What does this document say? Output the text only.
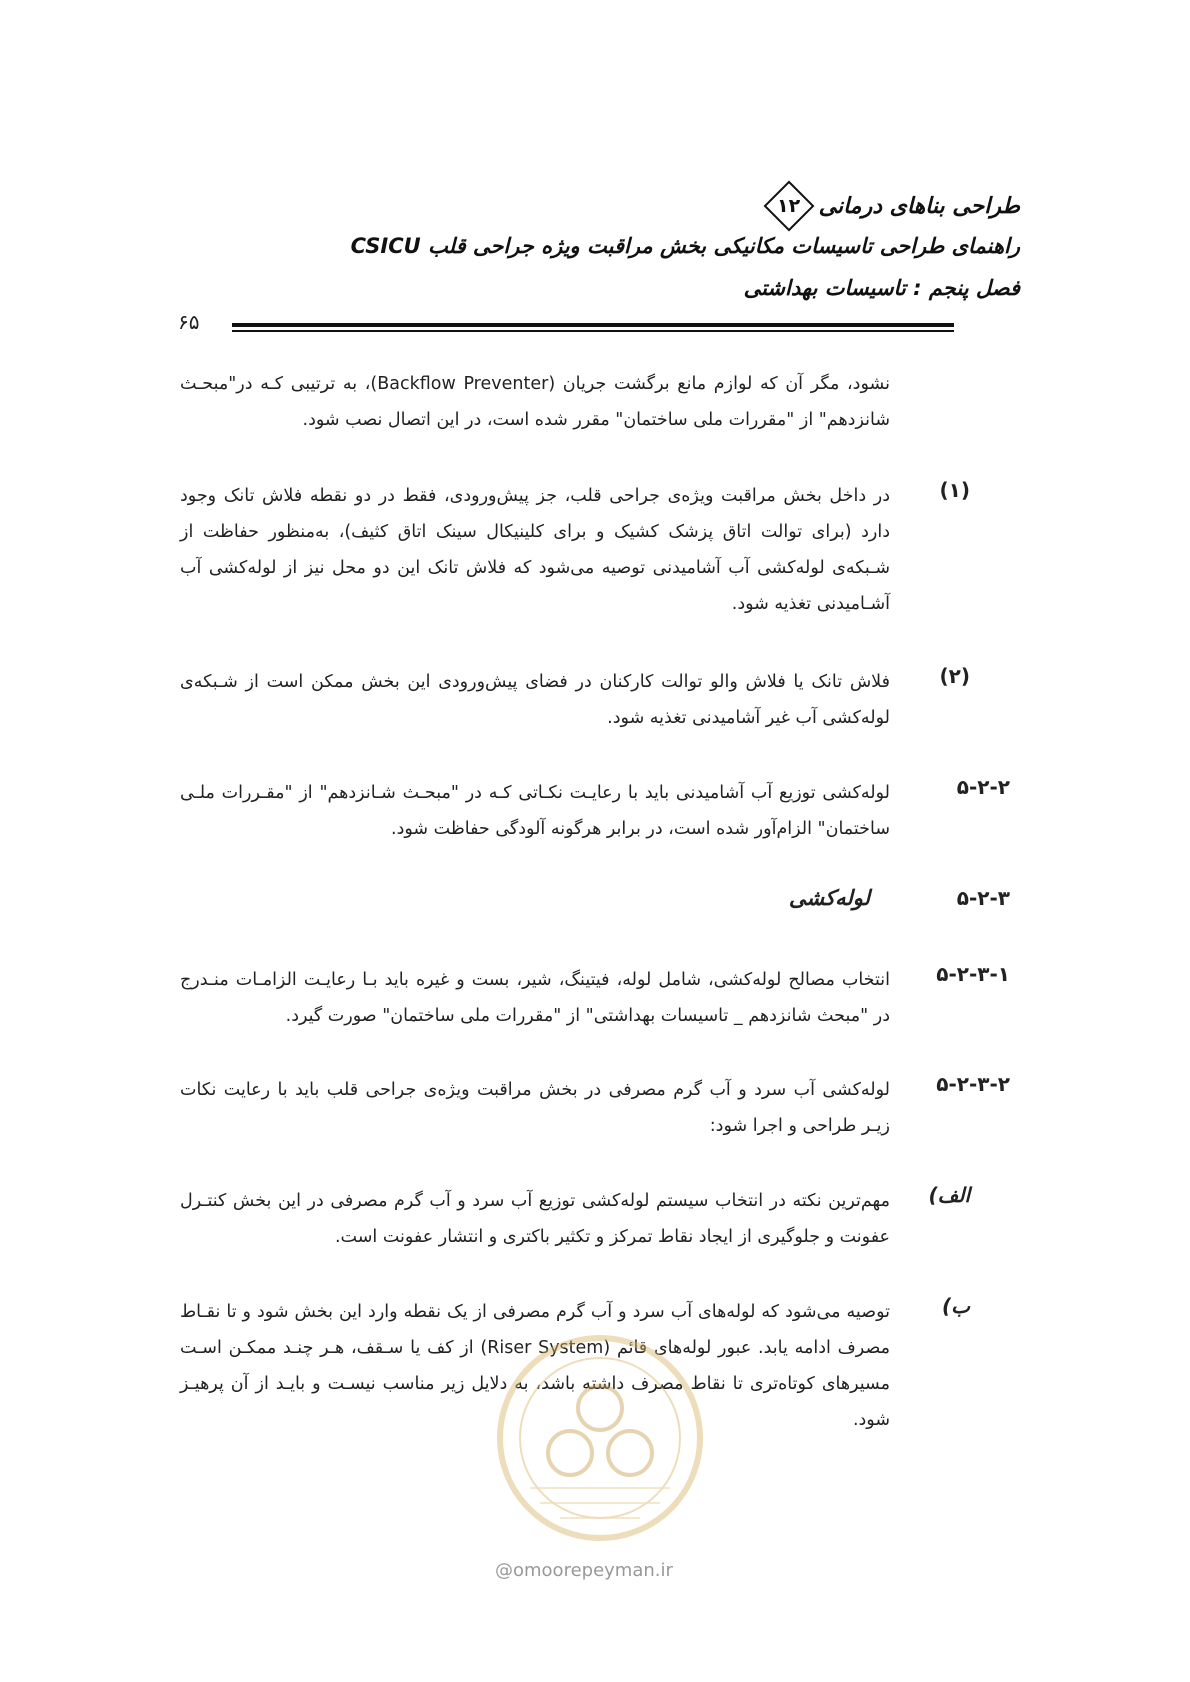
طراحی بناهای درمانی
۱۲
راهنمای طراحی تاسیسات مکانیکی بخش مراقبت ویژه جراحی قلب CSICU
فصل پنجم : تاسیسات بهداشتی
۶۵
نشود، مگر آن که لوازم مانع برگشت جریان (Backflow Preventer)، به ترتیبی کـه در"مبحـث شانزدهم" از "مقررات ملی ساختمان" مقرر شده است، در این اتصال نصب شود.
(۱)
در داخل بخش مراقبت ویژه‌ی جراحی قلب، جز پیش‌ورودی، فقط در دو نقطه فلاش تانک وجود دارد (برای توالت اتاق پزشک کشیک و برای کلینیکال سینک اتاق کثیف)، به‌منظور حفاظت از شـبکه‌ی لوله‌کشی آب آشامیدنی توصیه می‌شود که فلاش تانک این دو محل نیز از لوله‌کشی آب آشـامیدنی تغذیه شود.
(۲)
فلاش تانک یا فلاش والو توالت کارکنان در فضای پیش‌ورودی این بخش ممکن است از شـبکه‌ی لوله‌کشی آب غیر آشامیدنی تغذیه شود.
۵-۲-۲
لوله‌کشی توزیع آب آشامیدنی باید با رعایـت نکـاتی کـه در "مبحـث شـانزدهم" از "مقـررات ملـی ساختمان" الزام‌آور شده است، در برابر هرگونه آلودگی حفاظت شود.
۵-۲-۳
لوله‌کشی
۵-۲-۳-۱
انتخاب مصالح لوله‌کشی، شامل لوله، فیتینگ، شیر، بست و غیره باید بـا رعایـت الزامـات منـدرج در "مبحث شانزدهم _ تاسیسات بهداشتی" از "مقررات ملی ساختمان" صورت گیرد.
۵-۲-۳-۲
لوله‌کشی آب سرد و آب گرم مصرفی در بخش مراقبت ویژه‌ی جراحی قلب باید با رعایت نکات زیـر طراحی و اجرا شود:
الف)
مهم‌ترین نکته در انتخاب سیستم لوله‌کشی توزیع آب سرد و آب گرم مصرفی در این بخش کنتـرل عفونت و جلوگیری از ایجاد نقاط تمرکز و تکثیر باکتری و انتشار عفونت است.
ب)
توصیه می‌شود که لوله‌های آب سرد و آب گرم مصرفی از یک نقطه وارد این بخش شود و تا نقـاط مصرف ادامه یابد. عبور لوله‌های قائم (Riser System) از کف یا سـقف، هـر چنـد ممکـن اسـت مسیرهای کوتاه‌تری تا نقاط مصرف داشته باشد، به دلایل زیر مناسب نیسـت و بایـد از آن پرهیـز شود.
@omoorepeyman.ir
